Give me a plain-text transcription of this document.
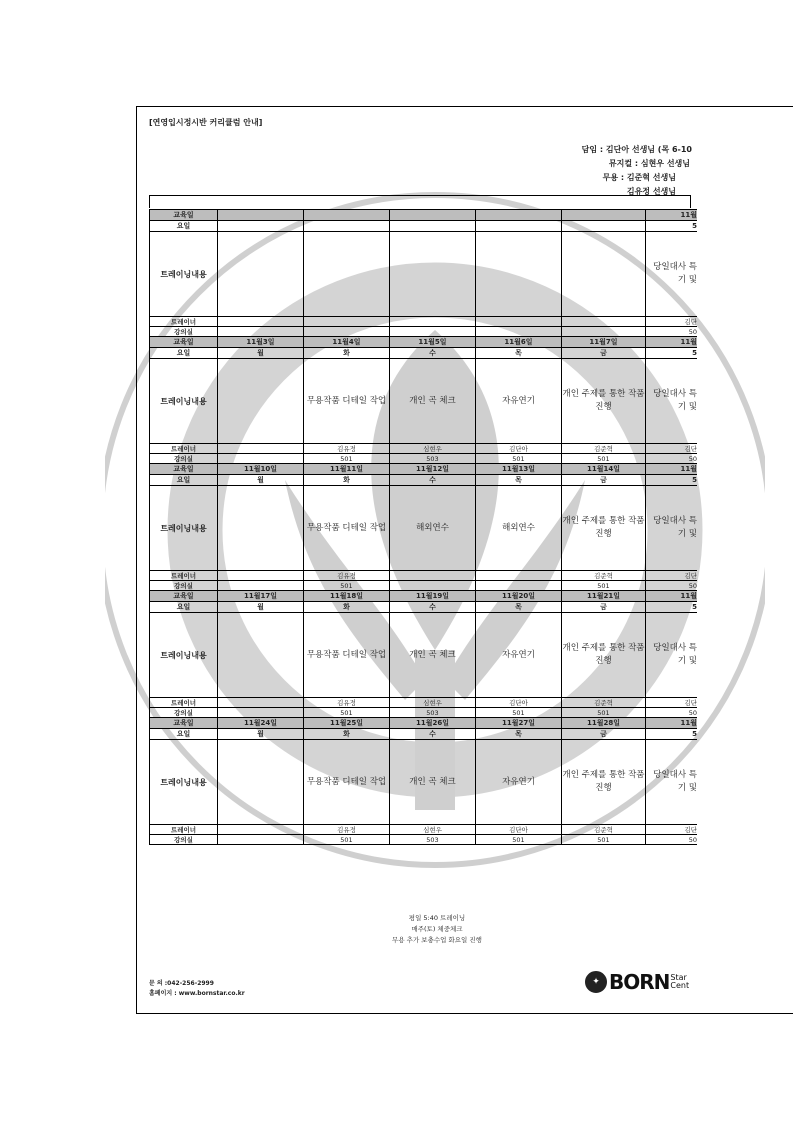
[연영입시정시반 커리큘럼 안내]
담임 : 김단아 선생님 (목 6-10
뮤지컬 : 심현우 선생님
무용 : 김준혁 선생님
김유정 선생님
교육일						11월
요일						5
트레이닝내용						당일대사 특기 및
트레이너						김단
강의실						50
교육일	11월3일	11월4일	11월5일	11월6일	11월7일	11월
요일	월	화	수	목	금	5
트레이닝내용		무용작품 디테일 작업	개인 곡 체크	자유연기	개인 주제를 통한 작품 진행	당일대사 특기 및
트레이너		김유정	심현우	김단아	김준혁	김단
강의실		501	503	501	501	50
교육일	11월10일	11월11일	11월12일	11월13일	11월14일	11월
요일	월	화	수	목	금	5
트레이닝내용		무용작품 디테일 작업	해외연수	해외연수	개인 주제를 통한 작품 진행	당일대사 특기 및
트레이너		김유정			김준혁	김단
강의실		501			501	50
교육일	11월17일	11월18일	11월19일	11월20일	11월21일	11월
요일	월	화	수	목	금	5
트레이닝내용		무용작품 디테일 작업	개인 곡 체크	자유연기	개인 주제를 통한 작품 진행	당일대사 특기 및
트레이너		김유정	심현우	김단아	김준혁	김단
강의실		501	503	501	501	50
교육일	11월24일	11월25일	11월26일	11월27일	11월28일	11월
요일	월	화	수	목	금	5
트레이닝내용		무용작품 디테일 작업	개인 곡 체크	자유연기	개인 주제를 통한 작품 진행	당일대사 특기 및
트레이너		김유정	심현우	김단아	김준혁	김단
강의실		501	503	501	501	50
평일 5:40 트레이닝
매주(토) 체중체크
무용 추가 보충수업 화요일 진행
문 의 :042-256-2999
홈페이지 : www.bornstar.co.kr
✦ BORN Star
Cent
